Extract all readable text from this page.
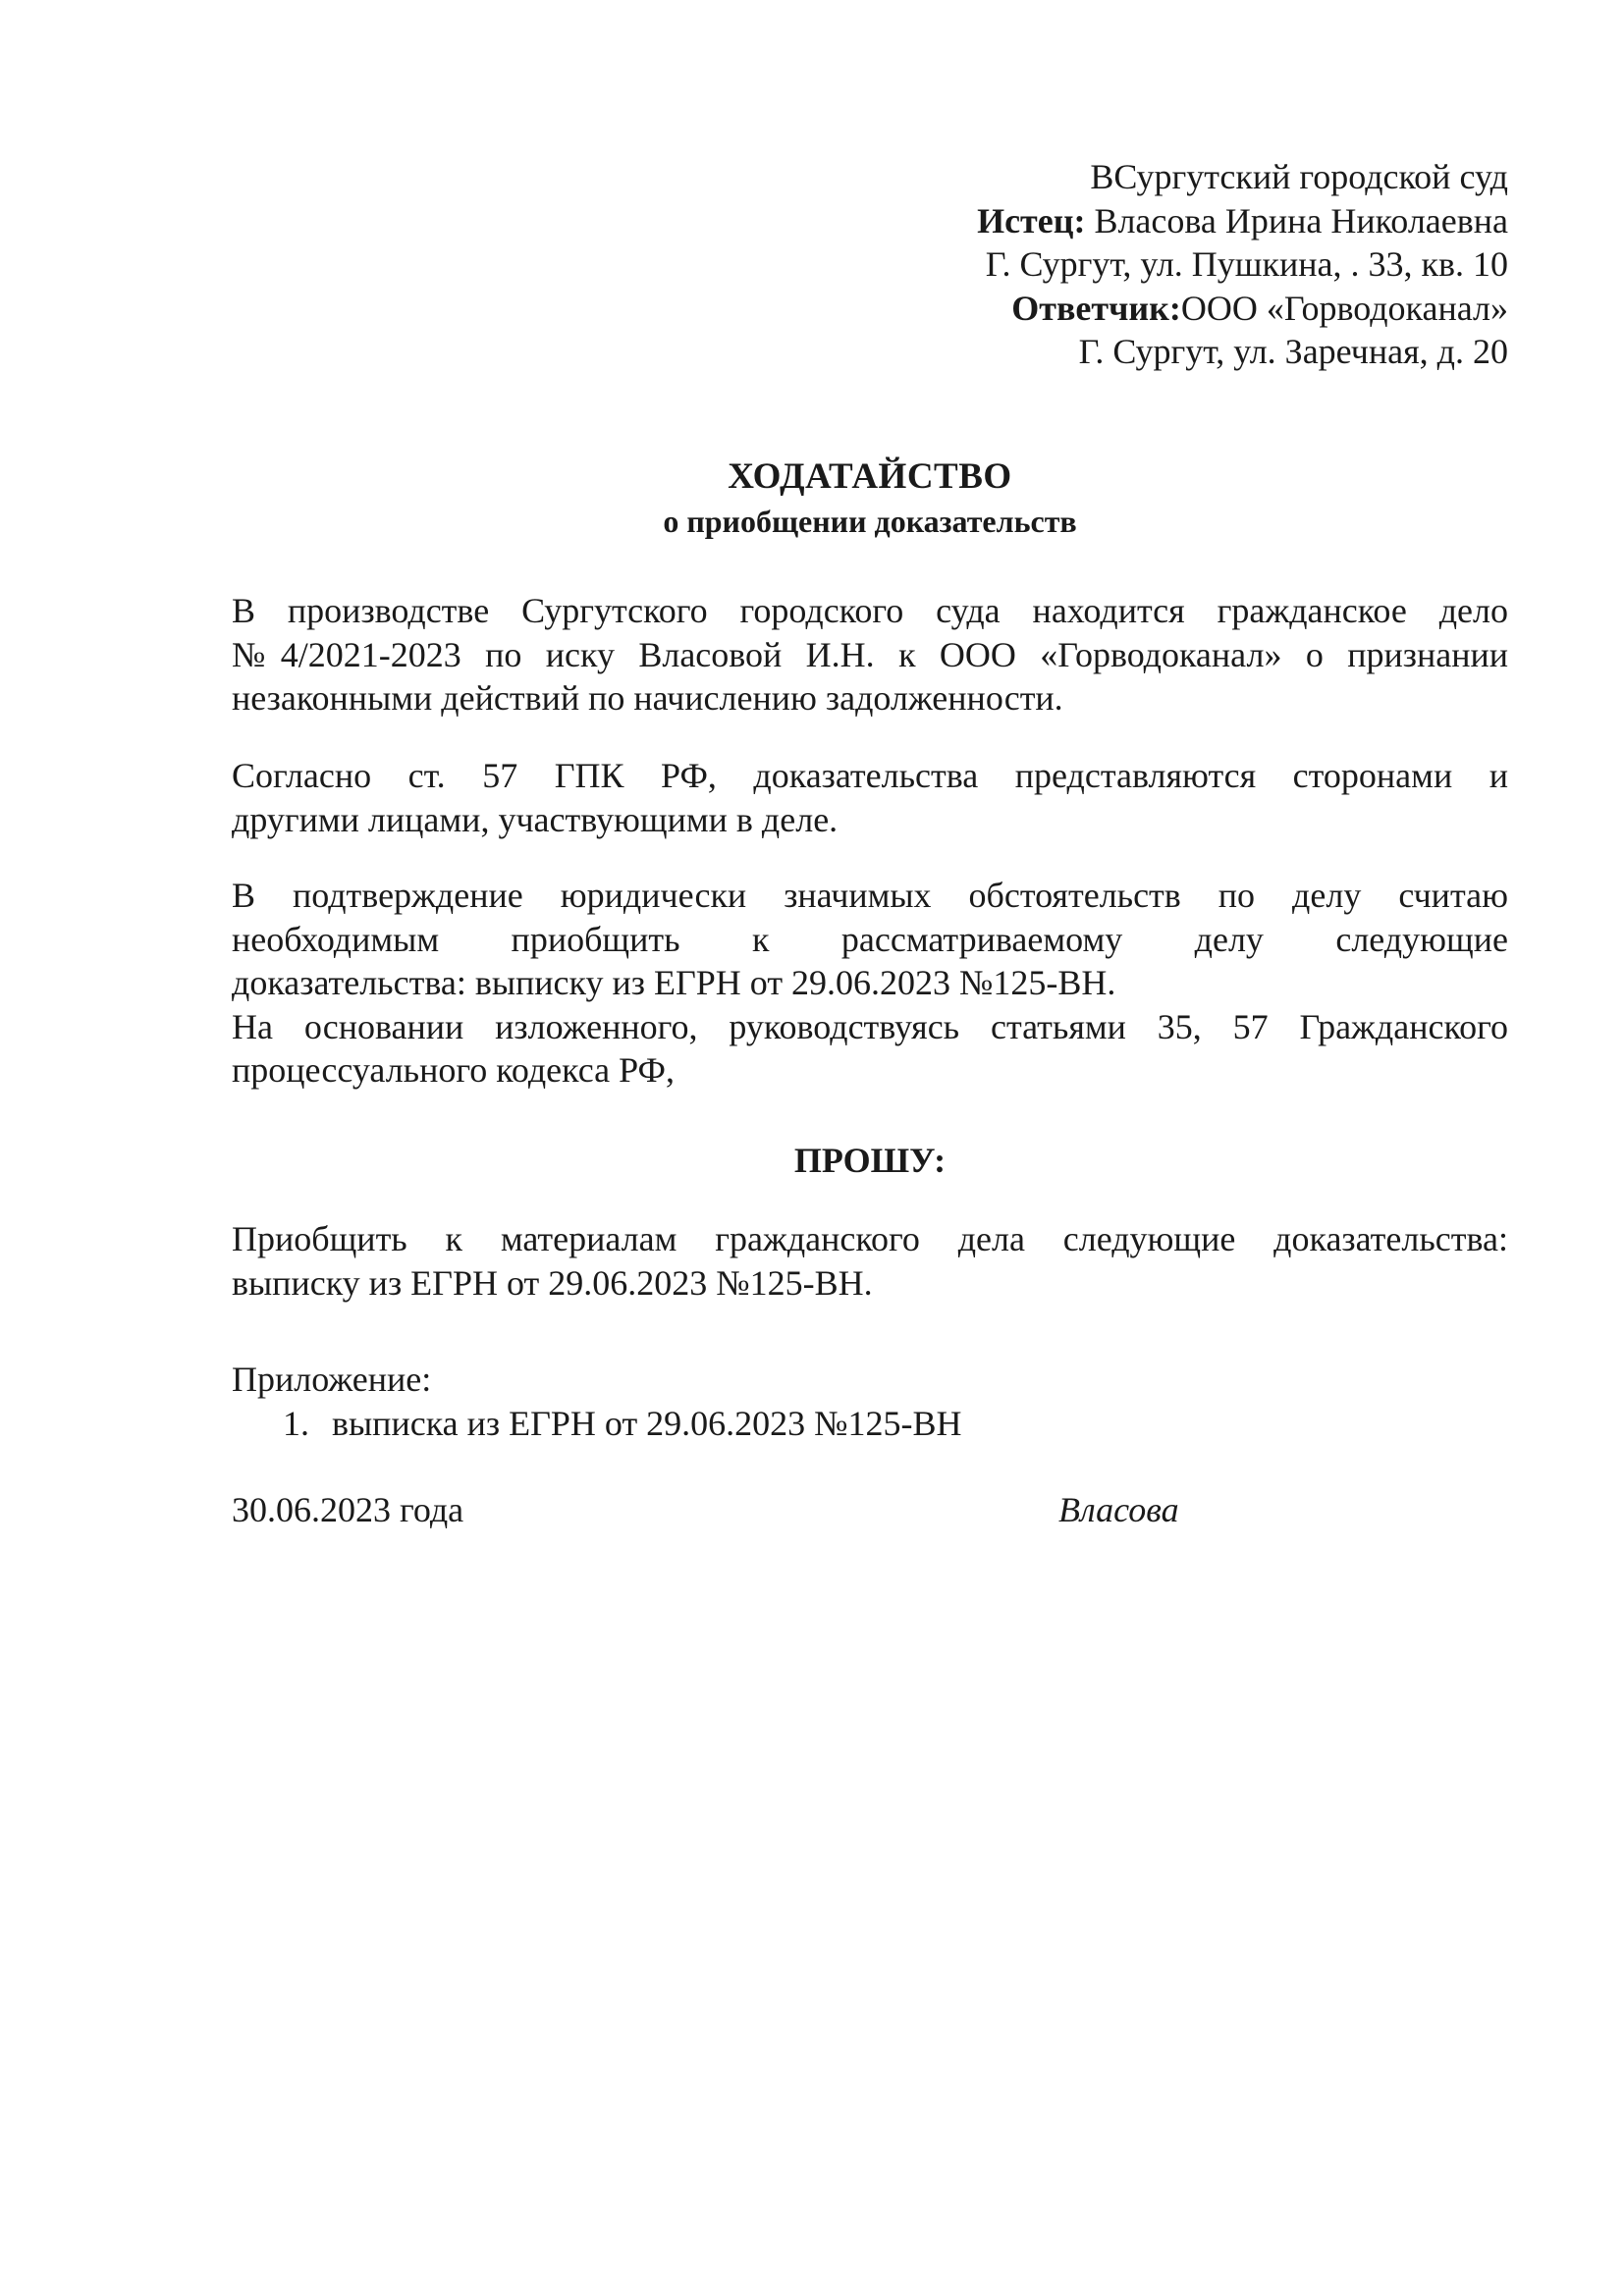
ВСургутский городской суд
Истец: Власова Ирина Николаевна
Г. Сургут, ул. Пушкина, . 33, кв. 10
Ответчик:ООО «Горводоканал»
Г. Сургут, ул. Заречная, д. 20
ХОДАТАЙСТВО
о приобщении доказательств
В производстве Сургутского городского суда находится гражданское дело
№4/2021-2023 по иску Власовой И.Н. к ООО «Горводоканал» о признании
незаконными действий по начислению задолженности.
Согласно ст. 57 ГПК РФ, доказательства представляются сторонами и
другими лицами, участвующими в деле.
В подтверждение юридически значимых обстоятельств по делу считаю
необходимым приобщить к рассматриваемому делу следующие
доказательства: выписку из ЕГРН от 29.06.2023 №125-ВН.
На основании изложенного, руководствуясь статьями 35, 57 Гражданского
процессуального кодекса РФ,
ПРОШУ:
Приобщить к материалам гражданского дела следующие доказательства:
выписку из ЕГРН от 29.06.2023 №125-ВН.
Приложение:
1. выписка из ЕГРН от 29.06.2023 №125-ВН
30.06.2023 года	Власова
